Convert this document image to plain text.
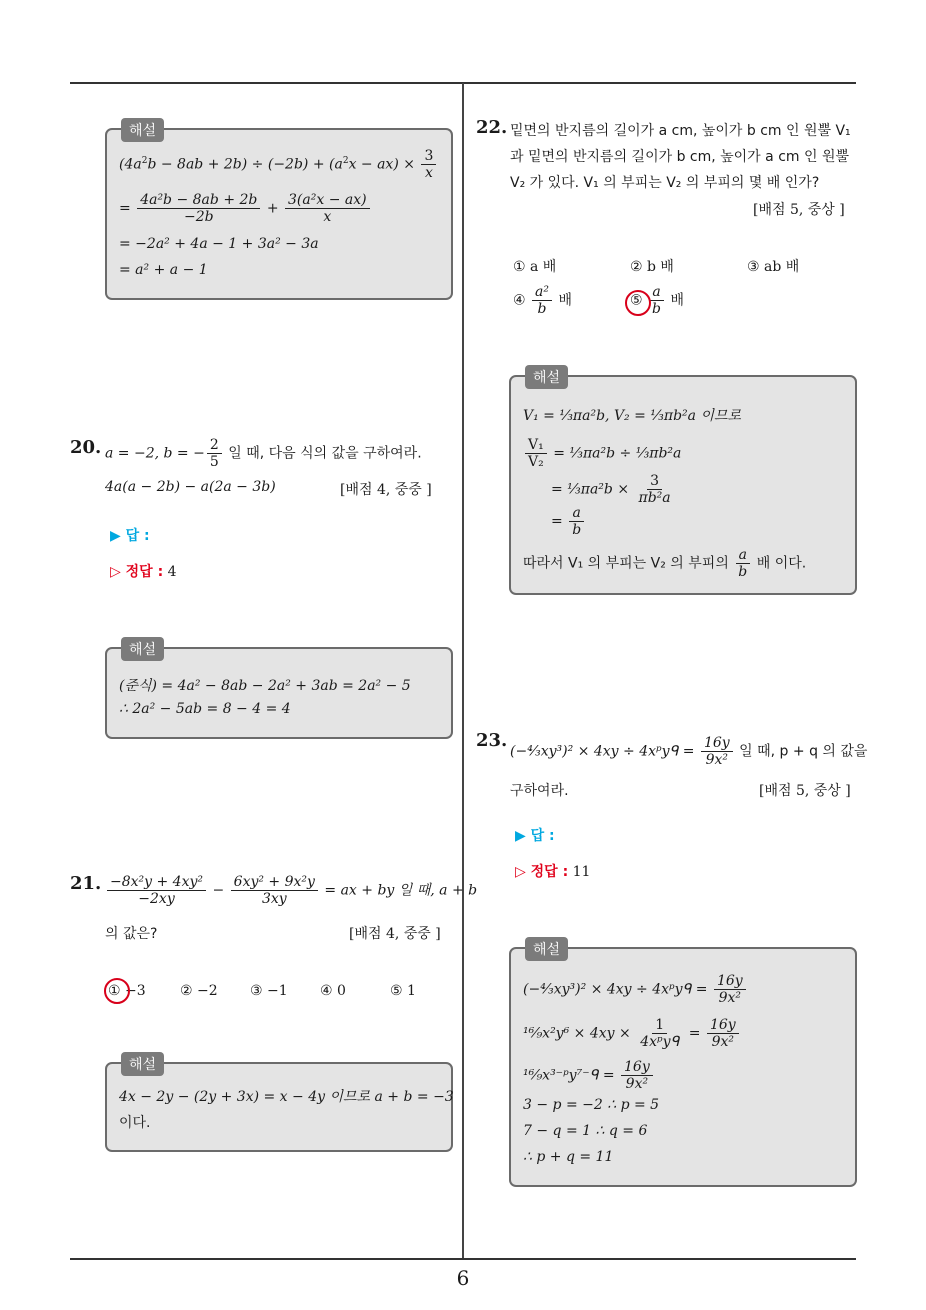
해설
$(4a^2b - 8ab + 2b) \div (-2b) + (a^2x - ax) \times \frac{3}{x}$
= $\frac{\text{4a²b − 8ab + 2b}}{-2b} + \frac{\text{3(a²x − ax)}}{x}$
= −2a² + 4a − 1 + 3a² − 3a
= a² + a − 1
20. a = −2, b = − $\frac{2}{5}$ 일 때, 다음 식의 값을 구하여라.
4a(a − 2b) − a(2a − 3b)	[배점 4, 중중 ]
▶ 답 :
▷ 정답 : 4
해설
(준식) = 4a² − 8ab − 2a² + 3ab = 2a² − 5
∴ 2a² − 5ab = 8 − 4 = 4
21. $\frac{\text{−8x²y + 4xy²}}{-2xy} - \frac{\text{6xy² + 9x²y}}{3xy}$ = ax + by 일 때, a + b
의 값은?	[배점 4, 중중 ]
① −3 ② −2 ③ −1 ④ 0	⑤ 1
해설
4x − 2y − (2y + 3x) = x − 4y 이므로 a + b = −3
이다.
22. 밑면의 반지름의 길이가 a cm, 높이가 b cm 인 원뿔 V₁
과 밑면의 반지름의 길이가 b cm, 높이가 a cm 인 원뿔
V₂ 가 있다. V₁ 의 부피는 V₂ 의 부피의 몇 배 인가?
[배점 5, 중상 ]
① a 배	② b 배	③ ab 배
④ $\frac{\text{a²}}{b}$ 배	⑤ $\frac{a}{b}$ 배
해설
V₁ = ⅓πa²b, V₂ = ⅓πb²a 이므로
$\frac{\text{V₁}}{\text{V₂}}$ = ⅓πa²b ÷ ⅓πb²a
= ⅓πa²b × $\frac{3}{\text{πb²a}}$
= $\frac{a}{b}$
따라서 V₁ 의 부피는 V₂ 의 부피의 $\frac{a}{b}$ 배 이다.
23.
(−⁴⁄₃xy³)² × 4xy ÷ 4xᵖyᑫ = $\frac{16y}{\text{9x²}}$ 일 때, p + q 의 값을
구하여라.	[배점 5, 중상 ]
▶ 답 :
▷ 정답 : 11
해설
(−⁴⁄₃xy³)² × 4xy ÷ 4xᵖyᑫ = $\frac{16y}{\text{9x²}}$
¹⁶⁄₉x²y⁶ × $4xy \times \frac{1}{\text{4xᵖyᑫ}} = \frac{16y}{\text{9x²}}$
¹⁶⁄₉x³⁻ᵖy⁷⁻ᑫ = $\frac{16y}{\text{9x²}}$
3 − p = −2 ∴ p = 5
7 − q = 1 ∴ q = 6
∴ p + q = 11
6
